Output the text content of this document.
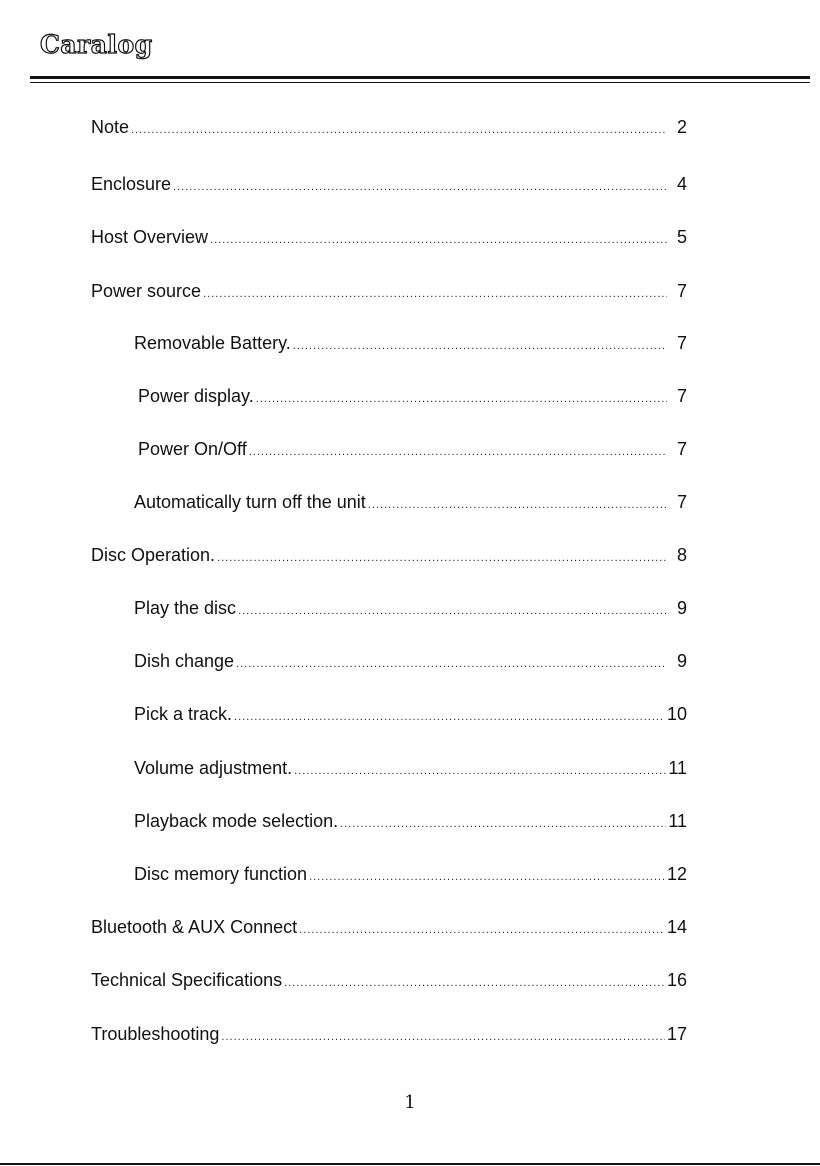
Caralog
Note .....	2
Enclosure .....	4
Host Overview .....	5
Power source .....	7
Removable Battery. .....	7
Power display. .....	7
Power On/Off .....	7
Automatically turn off the unit .....	7
Disc Operation. .....	8
Play the disc .....	9
Dish change .....	9
Pick a track. .....	10
Volume adjustment. .....	11
Playback mode selection. .....	11
Disc memory function .....	12
Bluetooth & AUX Connect .....	14
Technical Specifications .....	16
Troubleshooting .....	17
1
